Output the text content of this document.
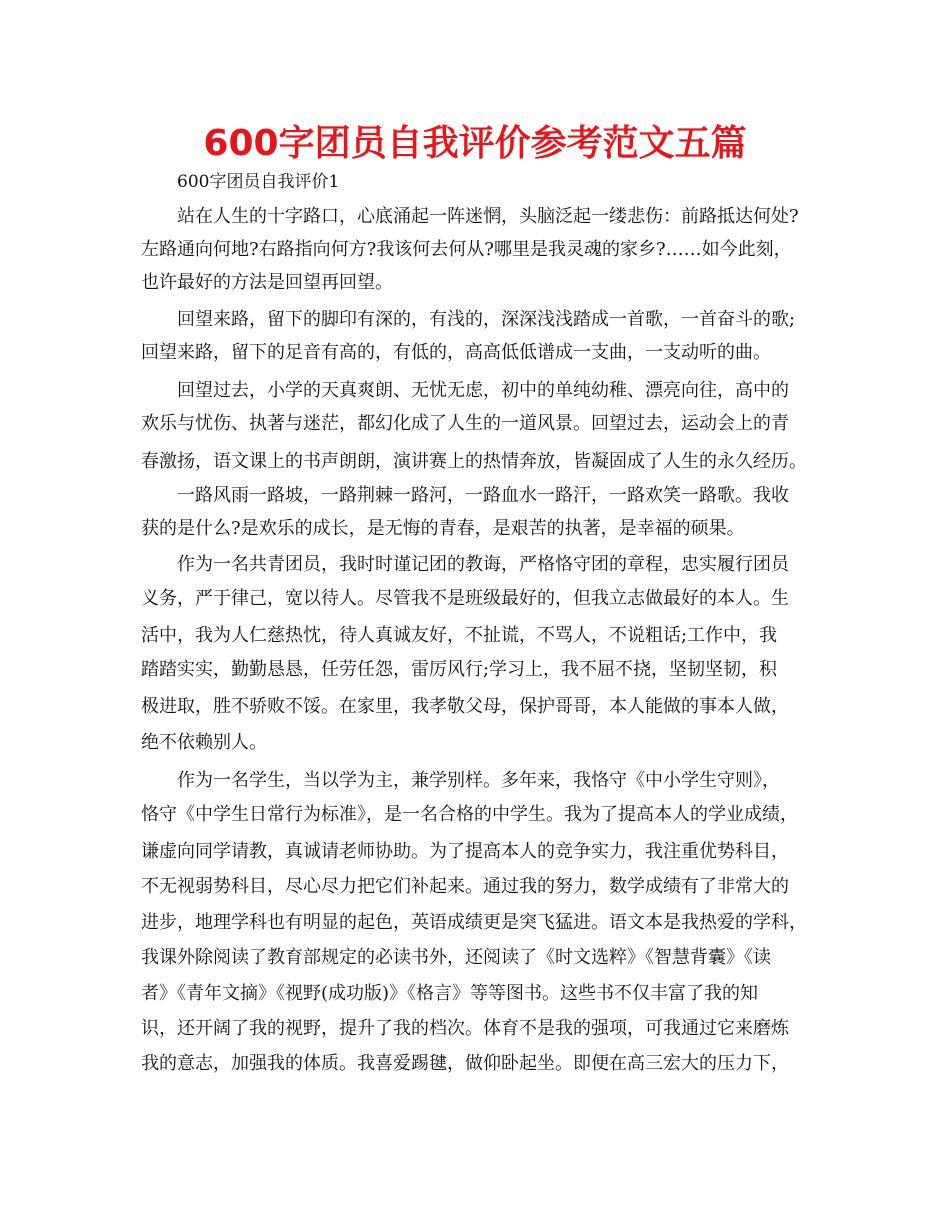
600字团员自我评价参考范文五篇
600字团员自我评价1
站在人生的十字路口，心底涌起一阵迷惘，头脑泛起一缕悲伤：前路抵达何处?
左路通向何地?右路指向何方?我该何去何从?哪里是我灵魂的家乡?……如今此刻，
也许最好的方法是回望再回望。
回望来路，留下的脚印有深的，有浅的，深深浅浅踏成一首歌，一首奋斗的歌;
回望来路，留下的足音有高的，有低的，高高低低谱成一支曲，一支动听的曲。
回望过去，小学的天真爽朗、无忧无虑，初中的单纯幼稚、漂亮向往，高中的
欢乐与忧伤、执著与迷茫，都幻化成了人生的一道风景。回望过去，运动会上的青
春激扬，语文课上的书声朗朗，演讲赛上的热情奔放，皆凝固成了人生的永久经历。
一路风雨一路坡，一路荆棘一路河，一路血水一路汗，一路欢笑一路歌。我收
获的是什么?是欢乐的成长，是无悔的青春，是艰苦的执著，是幸福的硕果。
作为一名共青团员，我时时谨记团的教诲，严格恪守团的章程，忠实履行团员
义务，严于律己，宽以待人。尽管我不是班级最好的，但我立志做最好的本人。生
活中，我为人仁慈热忱，待人真诚友好，不扯谎，不骂人，不说粗话;工作中，我
踏踏实实，勤勤恳恳，任劳任怨，雷厉风行;学习上，我不屈不挠，坚韧坚韧，积
极进取，胜不骄败不馁。在家里，我孝敬父母，保护哥哥，本人能做的事本人做，
绝不依赖别人。
作为一名学生，当以学为主，兼学别样。多年来，我恪守《中小学生守则》，
恪守《中学生日常行为标准》，是一名合格的中学生。我为了提高本人的学业成绩，
谦虚向同学请教，真诚请老师协助。为了提高本人的竞争实力，我注重优势科目，
不无视弱势科目，尽心尽力把它们补起来。通过我的努力，数学成绩有了非常大的
进步，地理学科也有明显的起色，英语成绩更是突飞猛进。语文本是我热爱的学科，
我课外除阅读了教育部规定的必读书外，还阅读了《时文选粹》《智慧背囊》《读
者》《青年文摘》《视野(成功版)》《格言》等等图书。这些书不仅丰富了我的知
识，还开阔了我的视野，提升了我的档次。体育不是我的强项，可我通过它来磨炼
我的意志，加强我的体质。我喜爱踢毽，做仰卧起坐。即便在高三宏大的压力下，
